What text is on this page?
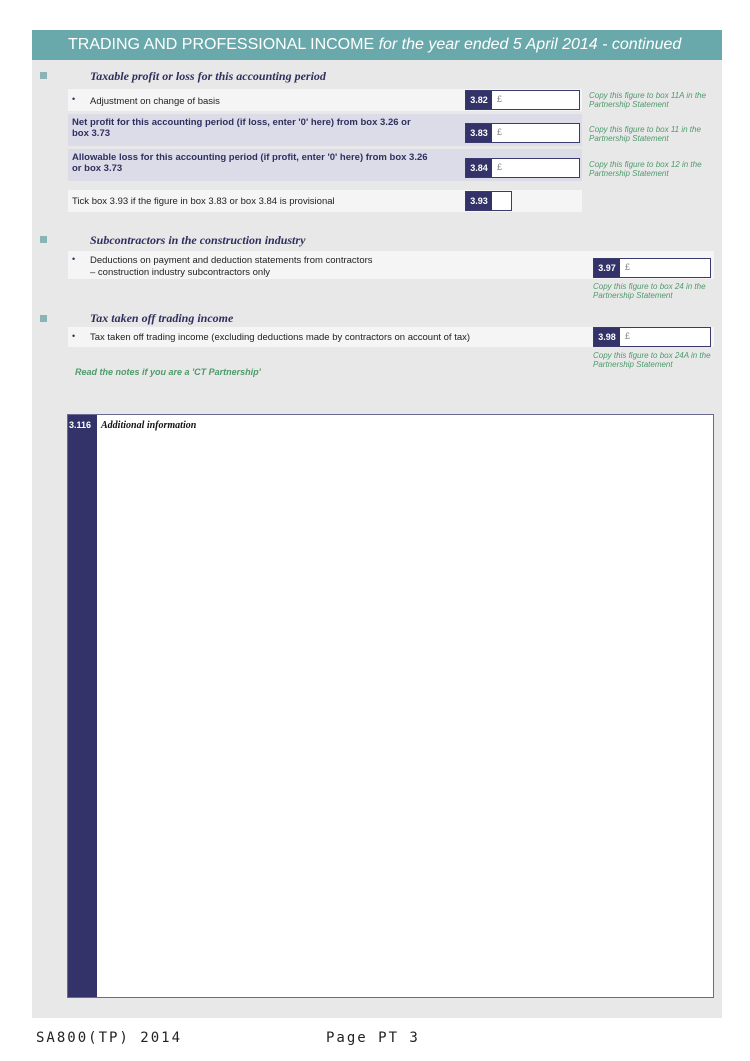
TRADING AND PROFESSIONAL INCOME for the year ended 5 April 2014 - continued
Taxable profit or loss for this accounting period
• Adjustment on change of basis	3.82	£	Copy this figure to box 11A in the Partnership Statement
Net profit for this accounting period (if loss, enter '0' here) from box 3.26 or box 3.73	3.83	£	Copy this figure to box 11 in the Partnership Statement
Allowable loss for this accounting period (if profit, enter '0' here) from box 3.26 or box 3.73	3.84	£	Copy this figure to box 12 in the Partnership Statement
Tick box 3.93 if the figure in box 3.83 or box 3.84 is provisional	3.93
Subcontractors in the construction industry
• Deductions on payment and deduction statements from contractors
– construction industry subcontractors only	3.97	£
Copy this figure to box 24 in the Partnership Statement
Tax taken off trading income
• Tax taken off trading income (excluding deductions made by contractors on account of tax)	3.98	£
Copy this figure to box 24A in the Partnership Statement
Read the notes if you are a 'CT Partnership'
3.116 Additional information
SA800(TP) 2014	Page PT 3
